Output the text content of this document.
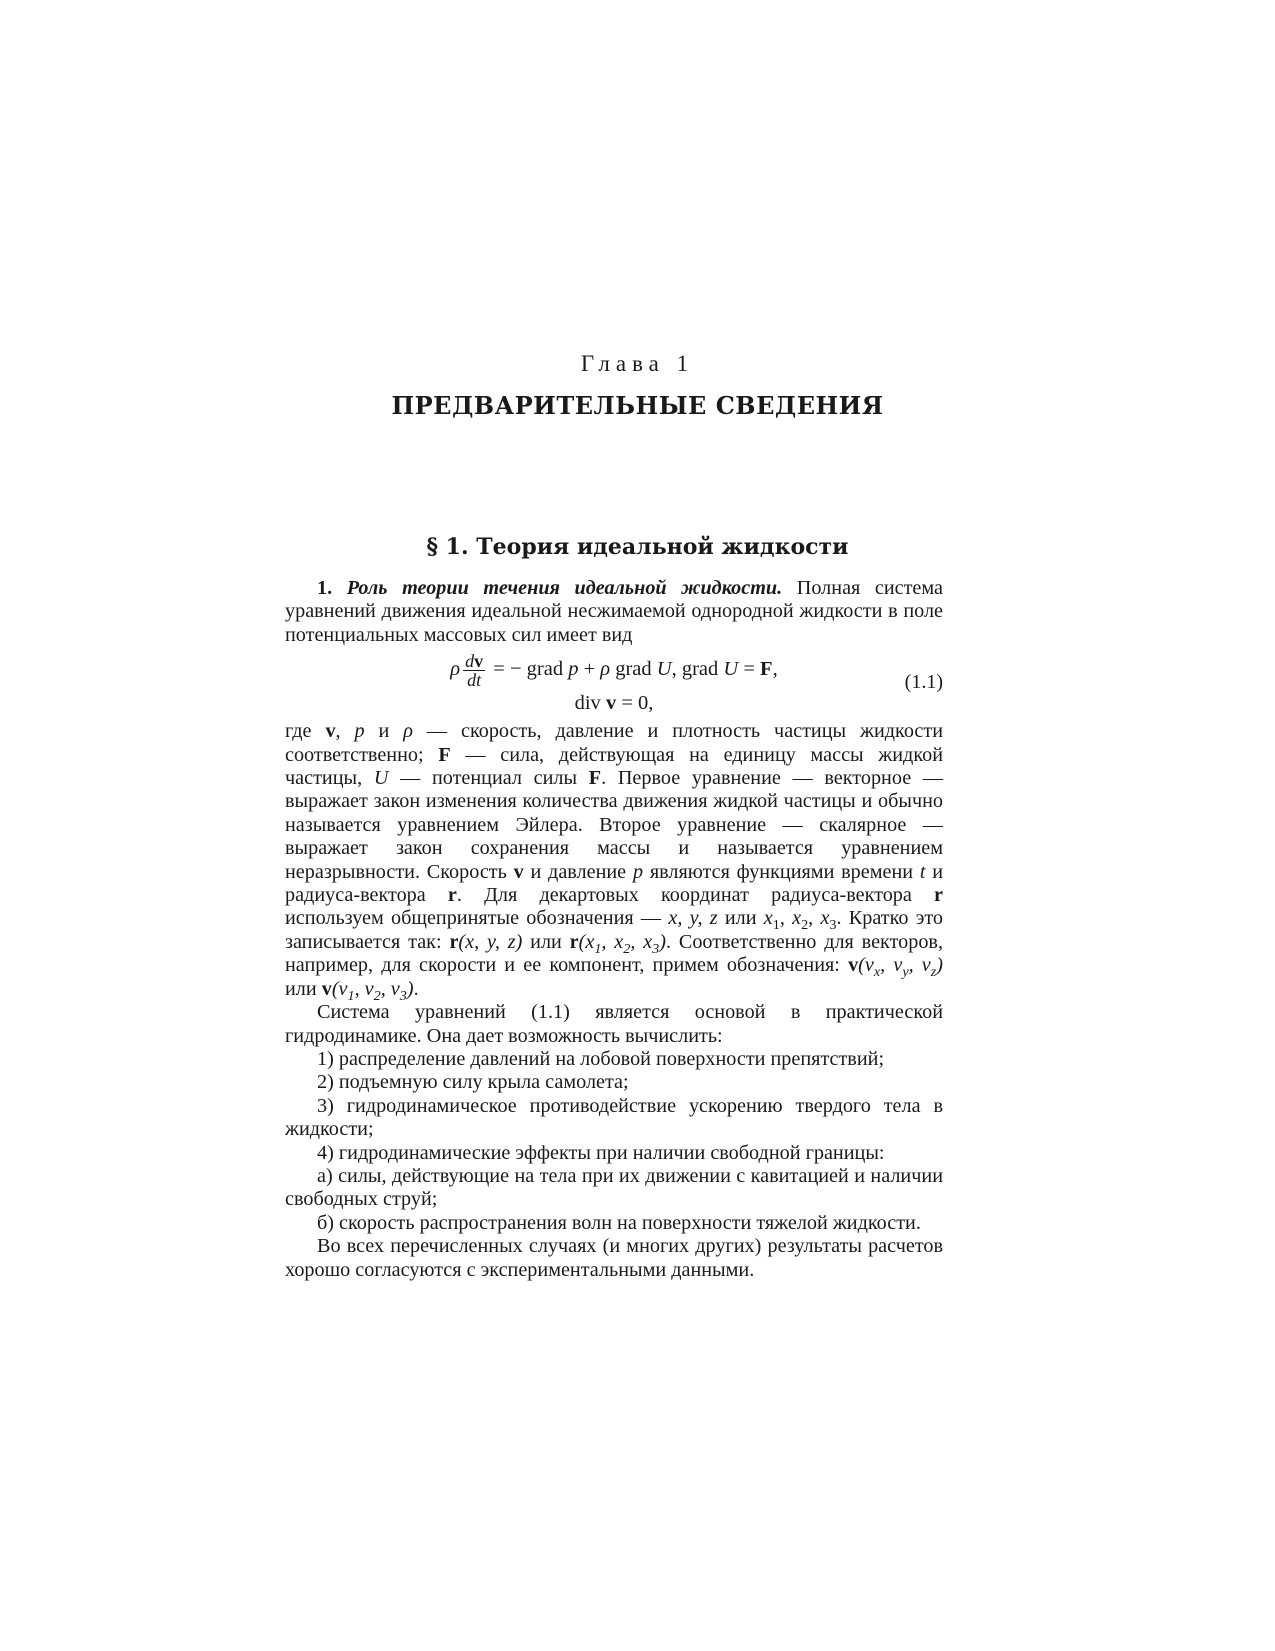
Глава 1
ПРЕДВАРИТЕЛЬНЫЕ СВЕДЕНИЯ
§ 1. Теория идеальной жидкости

1. Роль теории течения идеальной жидкости. Полная система уравнений движения идеальной несжимаемой однородной жидкости в поле потенциальных массовых сил имеет вид

ρ $\frac{dv}{dt}$ = − grad p + ρ grad U, grad U = F,
div v = 0,
(1.1)

где v, p и ρ — скорость, давление и плотность частицы жидкости соответственно; F — сила, действующая на единицу массы жидкой частицы, U — потенциал силы F. Первое уравнение — векторное — выражает закон изменения количества движения жидкой частицы и обычно называется уравнением Эйлера. Второе уравнение — скалярное — выражает закон сохранения массы и называется уравнением неразрывности. Скорость v и давление p являются функциями времени t и радиуса-вектора r. Для декартовых координат радиуса-вектора r используем общепринятые обозначения — x, y, z или $x_1$, $x_2$, $x_3$. Кратко это записывается так: r(x, y, z) или $r(x_1$, $x_2$, $x_3$). Соответственно для векторов, например, для скорости и ее компонент, примем обозначения: $v(v_x$, $v_y$, $v_z$) или $v(v_1$, $v_2$, $v_3$).

Система уравнений (1.1) является основой в практической гидродинамике. Она дает возможность вычислить:

1) распределение давлений на лобовой поверхности препятствий;

2) подъемную силу крыла самолета;

3) гидродинамическое противодействие ускорению твердого тела в жидкости;

4) гидродинамические эффекты при наличии свободной границы:

а) силы, действующие на тела при их движении с кавитацией и наличии свободных струй;

б) скорость распространения волн на поверхности тяжелой жидкости.

Во всех перечисленных случаях (и многих других) результаты расчетов хорошо согласуются с экспериментальными данными.
